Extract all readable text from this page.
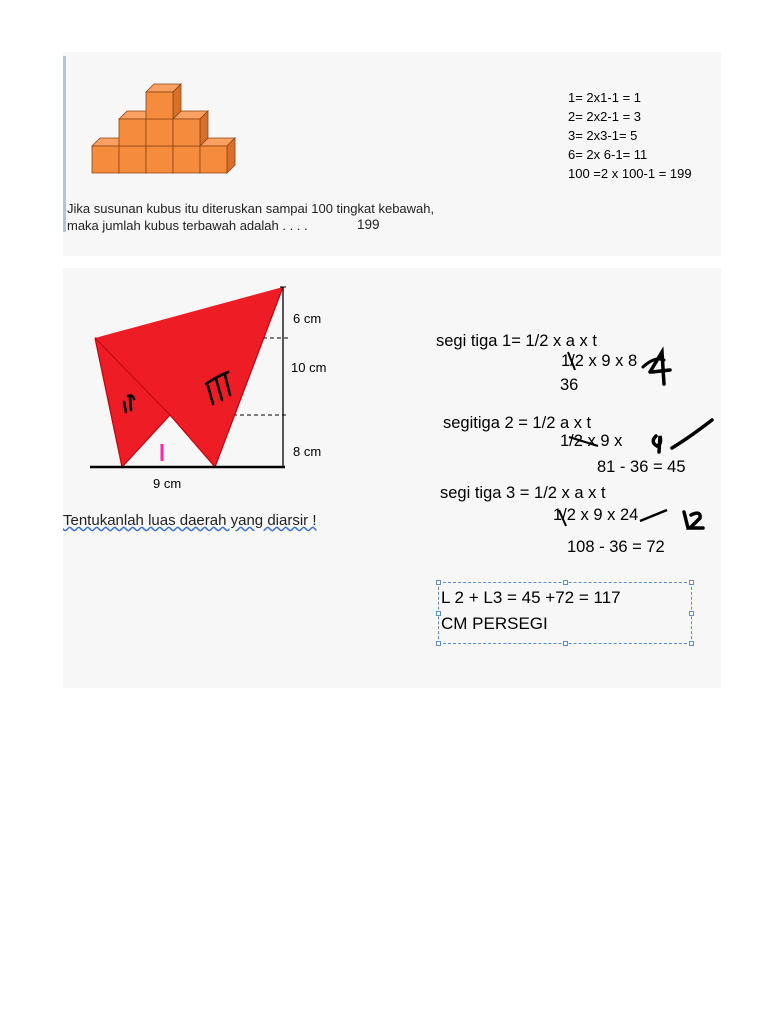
1= 2x1-1 = 1
2= 2x2-1 = 3
3= 2x3-1= 5
6= 2x 6-1= 11
100 =2 x 100-1 = 199
Jika susunan kubus itu diteruskan sampai 100 tingkat kebawah,
maka jumlah kubus terbawah adalah . . . .	199
6 cm
10 cm
8 cm
9 cm
Tentukanlah luas daerah yang diarsir !
segi tiga 1= 1/2 x a x t
1/2 x 9 x 8
36
segitiga 2 = 1/2 a x t
1/2 x 9 x
81 - 36 = 45
segi tiga 3 = 1/2 x a x t
1/2 x 9 x 24
108 - 36 = 72
L 2 + L3 = 45 +72 = 117
CM PERSEGI
